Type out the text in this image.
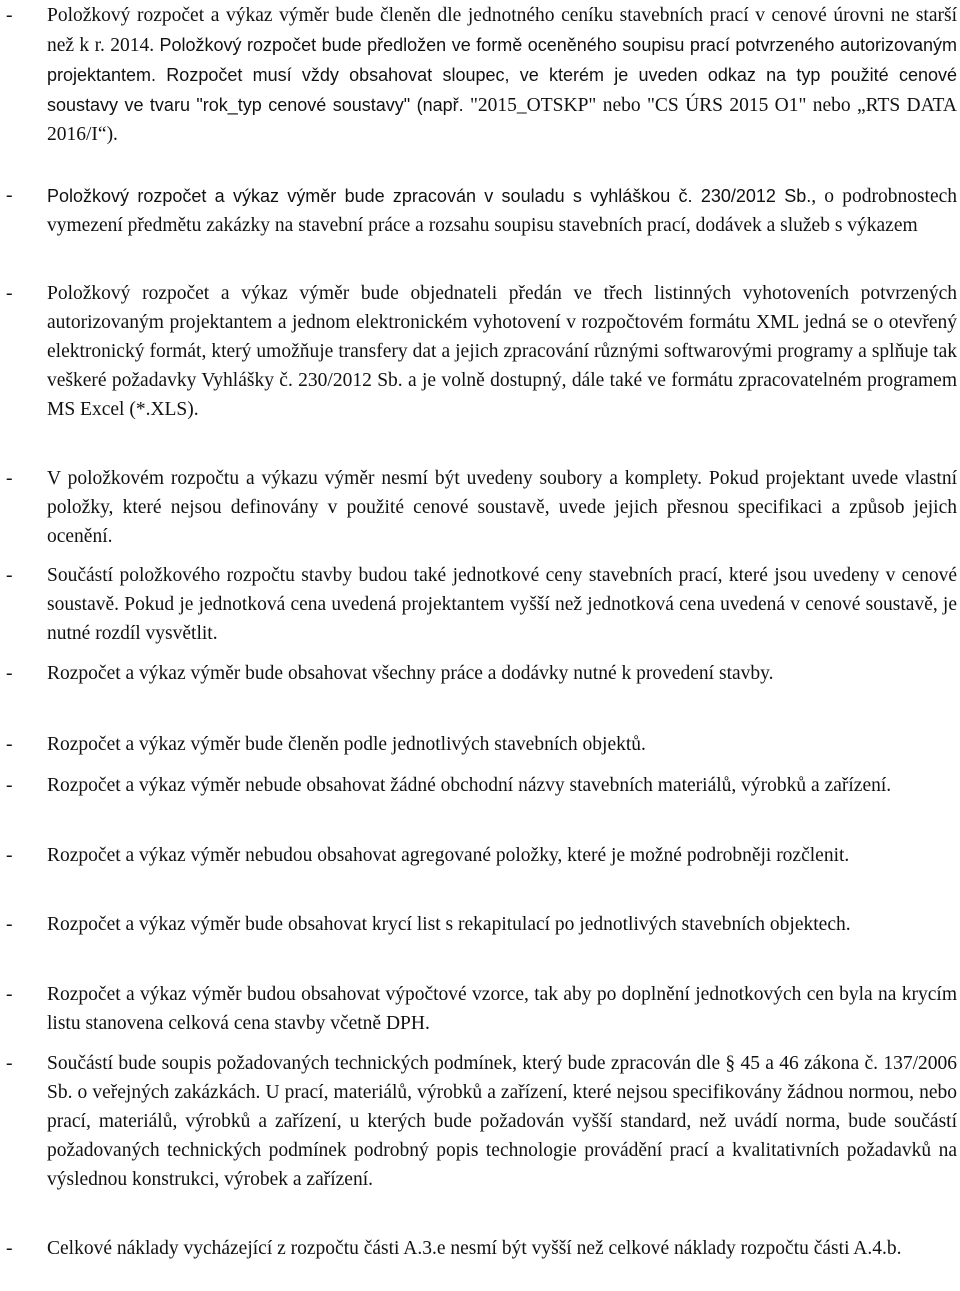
- Položkový rozpočet a výkaz výměr bude členěn dle jednotného ceníku stavebních prací v cenové úrovni ne starší než k r. 2014. Položkový rozpočet bude předložen ve formě oceněného soupisu prací potvrzeného autorizovaným projektantem. Rozpočet musí vždy obsahovat sloupec, ve kterém je uveden odkaz na typ použité cenové soustavy ve tvaru "rok_typ cenové soustavy" (např. "2015_OTSKP" nebo "CS ÚRS 2015 O1" nebo „RTS DATA 2016/I“).
- Položkový rozpočet a výkaz výměr bude zpracován v souladu s vyhláškou č. 230/2012 Sb., o podrobnostech vymezení předmětu zakázky na stavební práce a rozsahu soupisu stavebních prací, dodávek a služeb s výkazem
- Položkový rozpočet a výkaz výměr bude objednateli předán ve třech listinných vyhotoveních potvrzených autorizovaným projektantem a jednom elektronickém vyhotovení v rozpočtovém formátu XML jedná se o otevřený elektronický formát, který umožňuje transfery dat a jejich zpracování různými softwarovými programy a splňuje tak veškeré požadavky Vyhlášky č. 230/2012 Sb. a je volně dostupný, dále také ve formátu zpracovatelném programem MS Excel (*.XLS).
- V položkovém rozpočtu a výkazu výměr nesmí být uvedeny soubory a komplety. Pokud projektant uvede vlastní položky, které nejsou definovány v použité cenové soustavě, uvede jejich přesnou specifikaci a způsob jejich ocenění.
- Součástí položkového rozpočtu stavby budou také jednotkové ceny stavebních prací, které jsou uvedeny v cenové soustavě. Pokud je jednotková cena uvedená projektantem vyšší než jednotková cena uvedená v cenové soustavě, je nutné rozdíl vysvětlit.
- Rozpočet a výkaz výměr bude obsahovat všechny práce a dodávky nutné k provedení stavby.
- Rozpočet a výkaz výměr bude členěn podle jednotlivých stavebních objektů.
- Rozpočet a výkaz výměr nebude obsahovat žádné obchodní názvy stavebních materiálů, výrobků a zařízení.
- Rozpočet a výkaz výměr nebudou obsahovat agregované položky, které je možné podrobněji rozčlenit.
- Rozpočet a výkaz výměr bude obsahovat krycí list s rekapitulací po jednotlivých stavebních objektech.
- Rozpočet a výkaz výměr budou obsahovat výpočtové vzorce, tak aby po doplnění jednotkových cen byla na krycím listu stanovena celková cena stavby včetně DPH.
- Součástí bude soupis požadovaných technických podmínek, který bude zpracován dle § 45 a 46 zákona č. 137/2006 Sb. o veřejných zakázkách. U prací, materiálů, výrobků a zařízení, které nejsou specifikovány žádnou normou, nebo prací, materiálů, výrobků a zařízení, u kterých bude požadován vyšší standard, než uvádí norma, bude součástí požadovaných technických podmínek podrobný popis technologie provádění prací a kvalitativních požadavků na výslednou konstrukci, výrobek a zařízení.
- Celkové náklady vycházející z rozpočtu části A.3.e nesmí být vyšší než celkové náklady rozpočtu části A.4.b.
